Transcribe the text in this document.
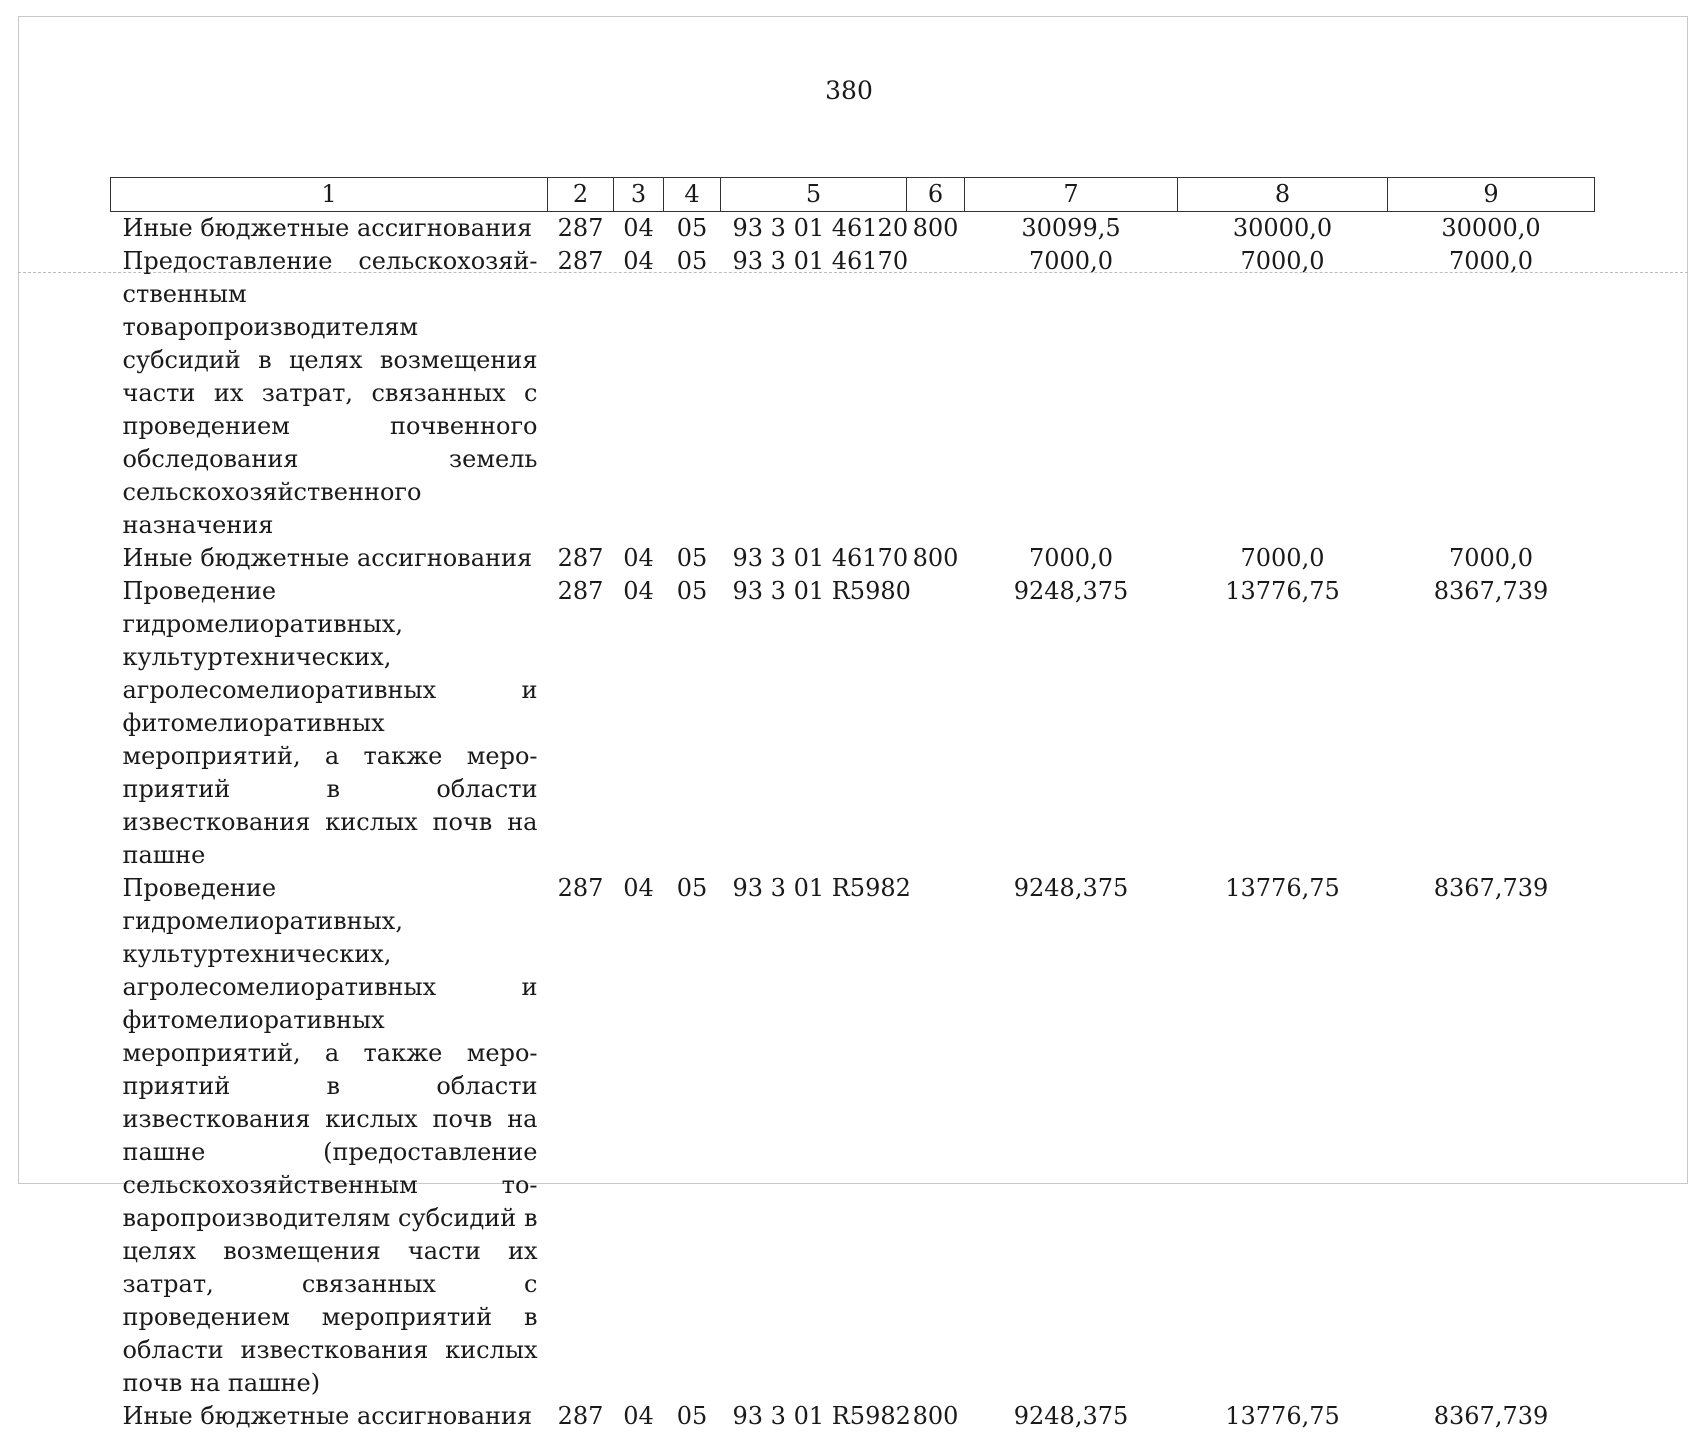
380
1	2	3	4	5	6	7	8	9
Иные бюджетные ассигнования	287	04	05	93 3 01 46120	800	30099,5	30000,0	30000,0
Предоставление сельскохозяйственным товаропроизводителям субсидий в целях возмещения части их затрат, связанных с проведением почвенного обследования земель сельскохозяйственного назначения	287	04	05	93 3 01 46170		7000,0	7000,0	7000,0
Иные бюджетные ассигнования	287	04	05	93 3 01 46170	800	7000,0	7000,0	7000,0
Проведение гидромелиоративных, культуртехнических, агролесомелиоративных и фитомелиоративных мероприятий, а также мероприятий в области известкования кислых почв на пашне	287	04	05	93 3 01 R5980		9248,375	13776,75	8367,739
Проведение гидромелиоративных, культуртехнических, агролесомелиоративных и фитомелиоративных мероприятий, а также мероприятий в области известкования кислых почв на пашне (предоставление сельскохозяйственным товаропроизводителям субсидий в целях возмещения части их затрат, связанных с проведением мероприятий в области известкования кислых почв на пашне)	287	04	05	93 3 01 R5982		9248,375	13776,75	8367,739
Иные бюджетные ассигнования	287	04	05	93 3 01 R5982	800	9248,375	13776,75	8367,739
